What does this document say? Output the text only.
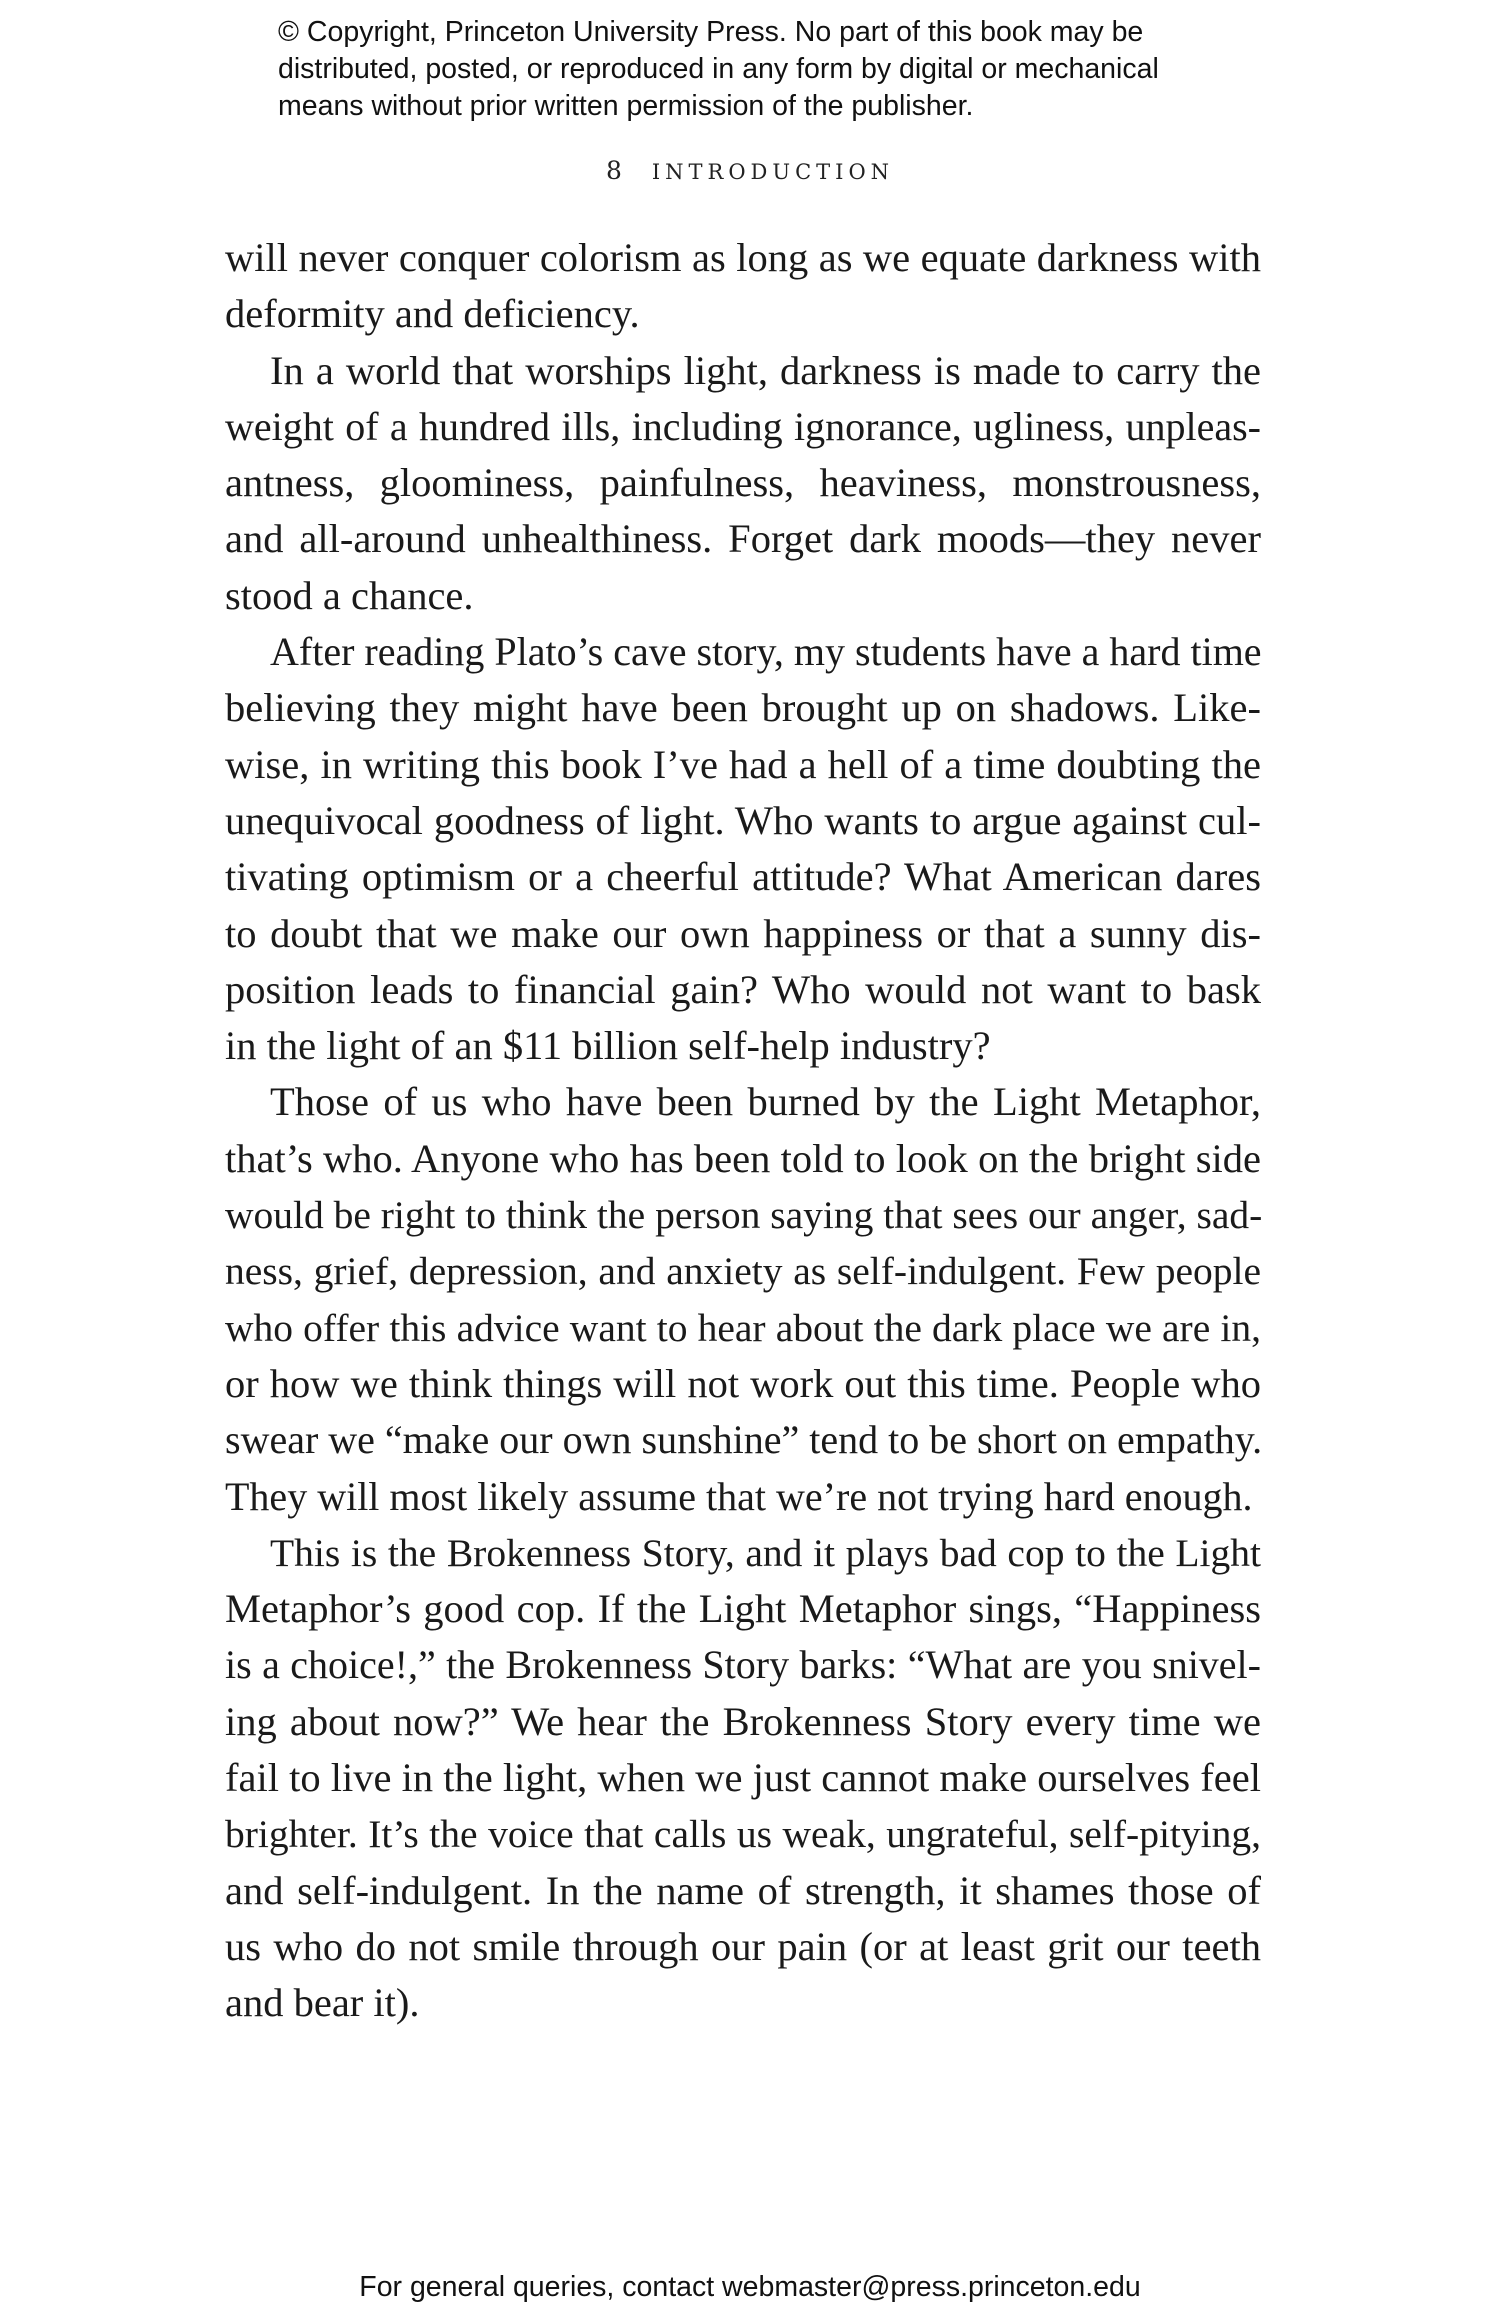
© Copyright, Princeton University Press. No part of this book may be
distributed, posted, or reproduced in any form by digital or mechanical
means without prior written permission of the publisher.
8 introduction
will never conquer colorism as long as we equate darkness with
deformity and deficiency.
In a world that worships light, darkness is made to carry the
weight of a hundred ills, including ignorance, ugliness, unpleas-
antness, gloominess, painfulness, heaviness, monstrousness,
and all-around unhealthiness. Forget dark moods—they never
stood a chance.
After reading Plato’s cave story, my students have a hard time
believing they might have been brought up on shadows. Like-
wise, in writing this book I’ve had a hell of a time doubting the
unequivocal goodness of light. Who wants to argue against cul-
tivating optimism or a cheerful attitude? What American dares
to doubt that we make our own happiness or that a sunny dis-
position leads to financial gain? Who would not want to bask
in the light of an $11 billion self-help industry?
Those of us who have been burned by the Light Metaphor,
that’s who. Anyone who has been told to look on the bright side
would be right to think the person saying that sees our anger, sad-
ness, grief, depression, and anxiety as self-indulgent. Few people
who offer this advice want to hear about the dark place we are in,
or how we think things will not work out this time. People who
swear we “make our own sunshine” tend to be short on empathy.
They will most likely assume that we’re not trying hard enough.
This is the Brokenness Story, and it plays bad cop to the Light
Metaphor’s good cop. If the Light Metaphor sings, “Happiness
is a choice!,” the Brokenness Story barks: “What are you snivel-
ing about now?” We hear the Brokenness Story every time we
fail to live in the light, when we just cannot make ourselves feel
brighter. It’s the voice that calls us weak, ungrateful, self-pitying,
and self-indulgent. In the name of strength, it shames those of
us who do not smile through our pain (or at least grit our teeth
and bear it).
For general queries, contact webmaster@press.princeton.edu
